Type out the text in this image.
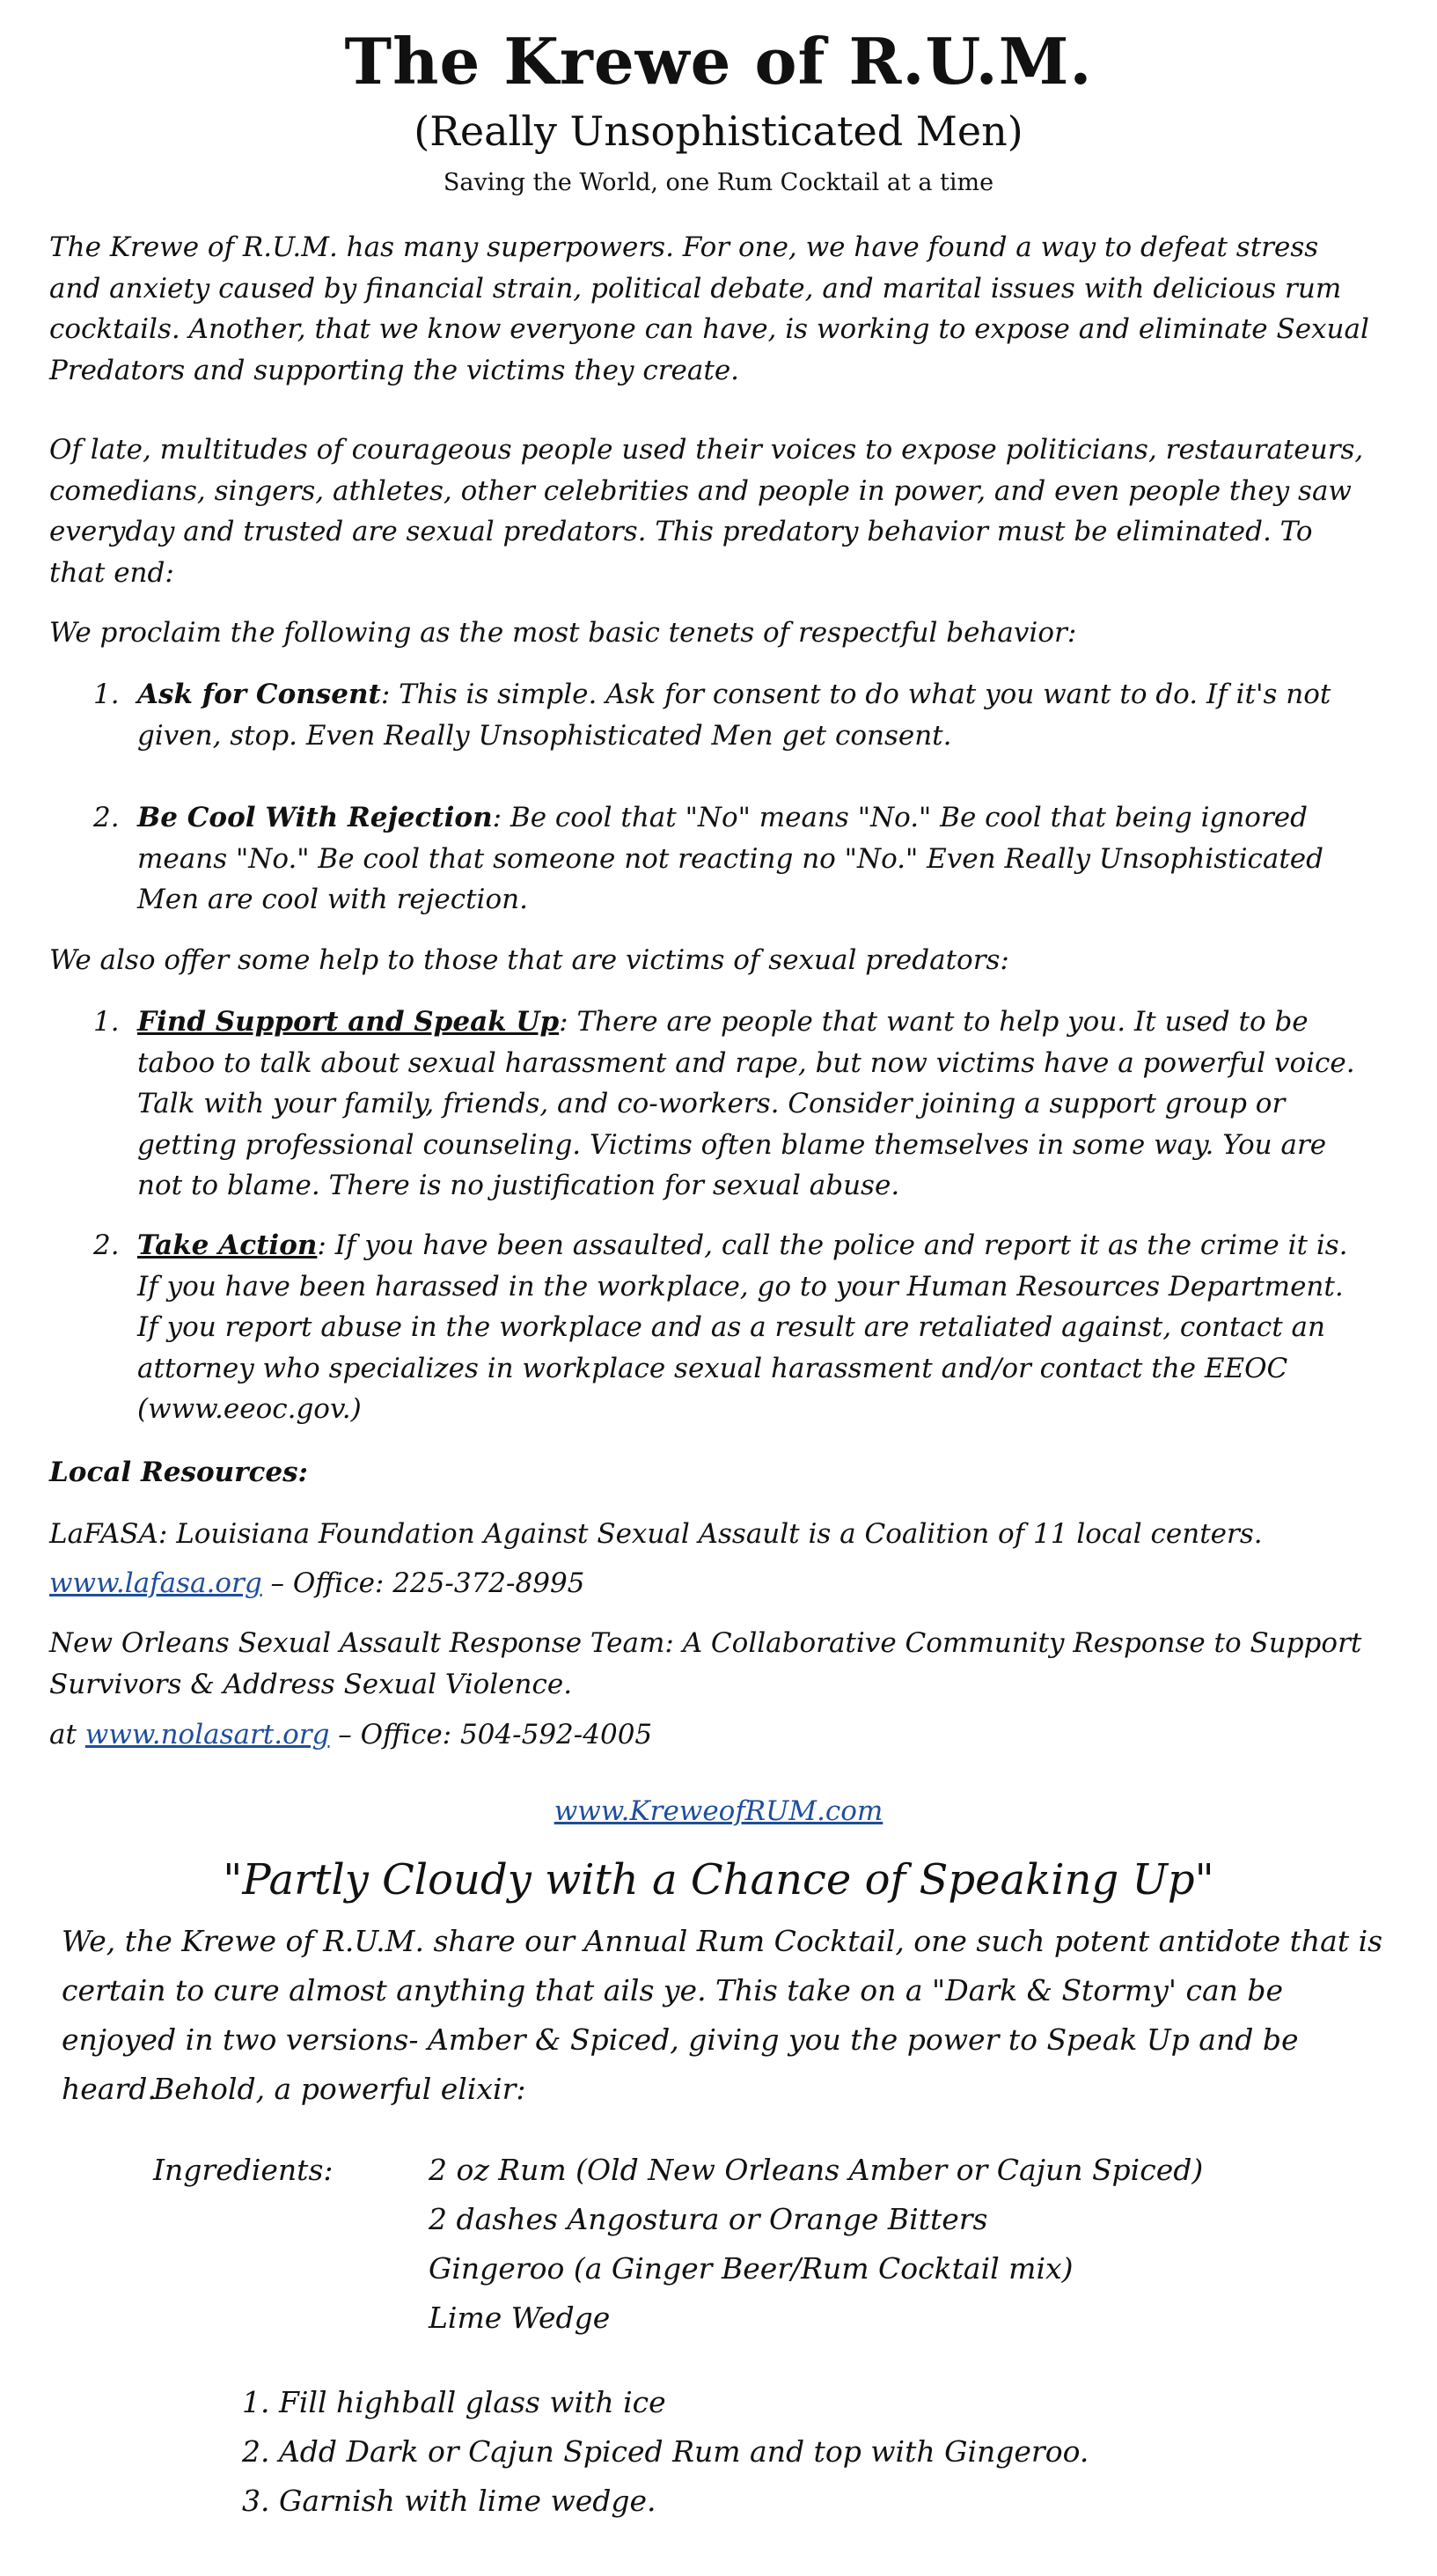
The Krewe of R.U.M.
(Really Unsophisticated Men)
Saving the World, one Rum Cocktail at a time

The Krewe of R.U.M. has many superpowers. For one, we have found a way to defeat stress and anxiety caused by financial strain, political debate, and marital issues with delicious rum cocktails. Another, that we know everyone can have, is working to expose and eliminate Sexual Predators and supporting the victims they create.

Of late, multitudes of courageous people used their voices to expose politicians, restaurateurs, comedians, singers, athletes, other celebrities and people in power, and even people they saw everyday and trusted are sexual predators. This predatory behavior must be eliminated. To that end:

We proclaim the following as the most basic tenets of respectful behavior:

1. Ask for Consent: This is simple. Ask for consent to do what you want to do. If it's not given, stop. Even Really Unsophisticated Men get consent.
2. Be Cool With Rejection: Be cool that "No" means "No." Be cool that being ignored means "No." Be cool that someone not reacting no "No." Even Really Unsophisticated Men are cool with rejection.

We also offer some help to those that are victims of sexual predators:

1. Find Support and Speak Up: There are people that want to help you. It used to be taboo to talk about sexual harassment and rape, but now victims have a powerful voice. Talk with your family, friends, and co-workers. Consider joining a support group or getting professional counseling. Victims often blame themselves in some way. You are not to blame. There is no justification for sexual abuse.
2. Take Action: If you have been assaulted, call the police and report it as the crime it is. If you have been harassed in the workplace, go to your Human Resources Department. If you report abuse in the workplace and as a result are retaliated against, contact an attorney who specializes in workplace sexual harassment and/or contact the EEOC (www.eeoc.gov.)

Local Resources:

LaFASA: Louisiana Foundation Against Sexual Assault is a Coalition of 11 local centers.

www.lafasa.org – Office: 225-372-8995

New Orleans Sexual Assault Response Team: A Collaborative Community Response to Support Survivors & Address Sexual Violence.

at www.nolasart.org – Office: 504-592-4005

www.KreweofRUM.com
"Partly Cloudy with a Chance of Speaking Up"

We, the Krewe of R.U.M. share our Annual Rum Cocktail, one such potent antidote that is certain to cure almost anything that ails ye. This take on a "Dark & Stormy' can be enjoyed in two versions- Amber & Spiced, giving you the power to Speak Up and be heard.

Behold, a powerful elixir:
Ingredients:	2 oz Rum (Old New Orleans Amber or Cajun Spiced)
2 dashes Angostura or Orange Bitters
Gingeroo (a Ginger Beer/Rum Cocktail mix)
Lime Wedge
1. Fill highball glass with ice
2. Add Dark or Cajun Spiced Rum and top with Gingeroo.
3. Garnish with lime wedge.
